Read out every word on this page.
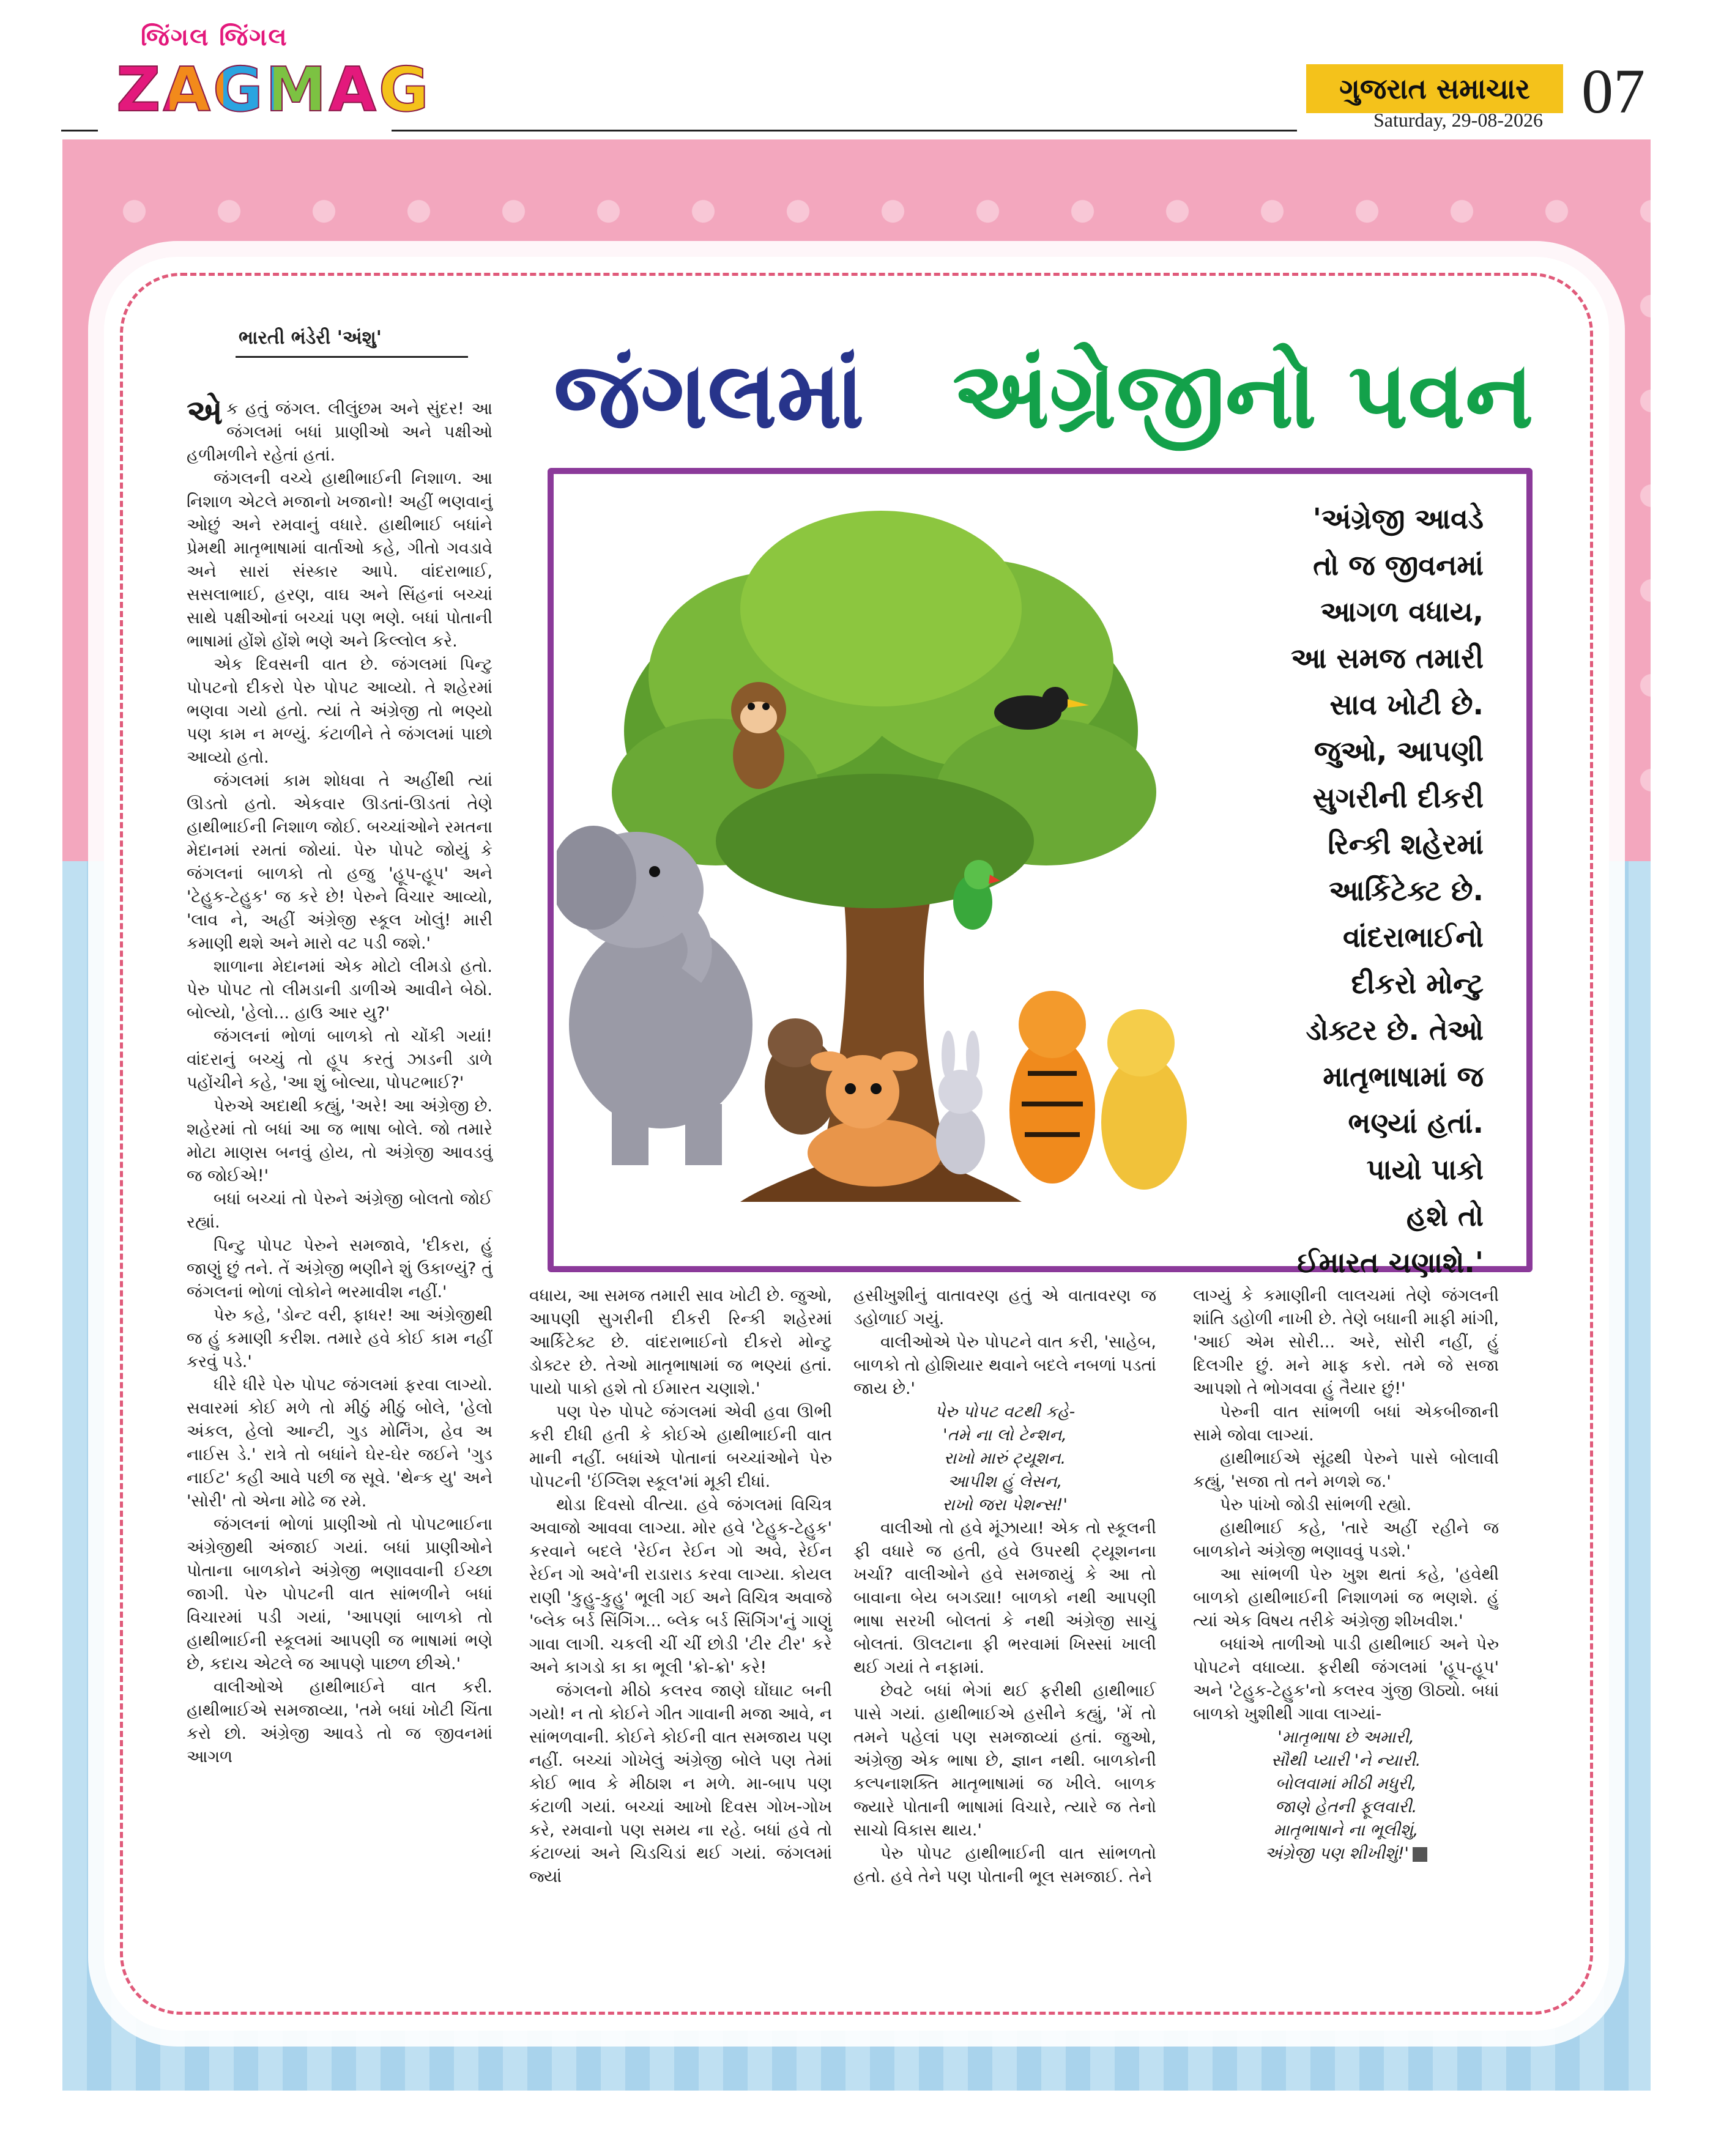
જિંગલ જિંગલ
ZAGMAG	ગુજરાત સમાચાર
Saturday, 29-08-2026 07
ભારતી ભંડેરી 'અંશુ'
જંગલમાં અંગ્રેજીનો પવન
'અંગ્રેજી આવડે
તો જ જીવનમાં
આગળ વધાય,
આ સમજ તમારી
સાવ ખોટી છે.
જુઓ, આપણી
સુગરીની દીકરી
રિન્કી શહેરમાં
આર્કિટેક્ટ છે.
વાંદરાભાઈનો
દીકરો મોન્ટુ
ડોક્ટર છે. તેઓ
માતૃભાષામાં જ
ભણ્યાં હતાં.
પાયો પાકો
હશે તો
ઈમારત ચણાશે.'

એક હતું જંગલ. લીલુંછમ અને સુંદર! આ જંગલમાં બધાં પ્રાણીઓ અને પક્ષીઓ હળીમળીને રહેતાં હતાં.

જંગલની વચ્ચે હાથીભાઈની નિશાળ. આ નિશાળ એટલે મજાનો ખજાનો! અહીં ભણવાનું ઓછું અને રમવાનું વધારે. હાથીભાઈ બધાંને પ્રેમથી માતૃભાષામાં વાર્તાઓ કહે, ગીતો ગવડાવે અને સારાં સંસ્કાર આપે. વાંદરાભાઈ, સસલાભાઈ, હરણ, વાઘ અને સિંહનાં બચ્ચાં સાથે પક્ષીઓનાં બચ્ચાં પણ ભણે. બધાં પોતાની ભાષામાં હોંશે હોંશે ભણે અને કિલ્લોલ કરે.

એક દિવસની વાત છે. જંગલમાં પિન્ટુ પોપટનો દીકરો પેરુ પોપટ આવ્યો. તે શહેરમાં ભણવા ગયો હતો. ત્યાં તે અંગ્રેજી તો ભણ્યો પણ કામ ન મળ્યું. કંટાળીને તે જંગલમાં પાછો આવ્યો હતો.

જંગલમાં કામ શોધવા તે અહીંથી ત્યાં ઊડતો હતો. એકવાર ઊડતાં-ઊડતાં તેણે હાથીભાઈની નિશાળ જોઈ. બચ્ચાંઓને રમતના મેદાનમાં રમતાં જોયાં. પેરુ પોપટે જોયું કે જંગલનાં બાળકો તો હજુ 'હૂપ-હૂપ' અને 'ટેહુક-ટેહુક' જ કરે છે! પેરુને વિચાર આવ્યો, 'લાવ ને, અહીં અંગ્રેજી સ્કૂલ ખોલું! મારી કમાણી થશે અને મારો વટ પડી જશે.'

શાળાના મેદાનમાં એક મોટો લીમડો હતો. પેરુ પોપટ તો લીમડાની ડાળીએ આવીને બેઠો. બોલ્યો, 'હેલો... હાઉ આર યુ?'

જંગલનાં ભોળાં બાળકો તો ચોંકી ગયાં! વાંદરાનું બચ્ચું તો હૂપ કરતું ઝાડની ડાળે પહોંચીને કહે, 'આ શું બોલ્યા, પોપટભાઈ?'

પેરુએ અદાથી કહ્યું, 'અરે! આ અંગ્રેજી છે. શહેરમાં તો બધાં આ જ ભાષા બોલે. જો તમારે મોટા માણસ બનવું હોય, તો અંગ્રેજી આવડવું જ જોઈએ!'

બધાં બચ્ચાં તો પેરુને અંગ્રેજી બોલતો જોઈ રહ્યાં.

પિન્ટુ પોપટ પેરુને સમજાવે, 'દીકરા, હું જાણું છું તને. તેં અંગ્રેજી ભણીને શું ઉકાળ્યું? તું જંગલનાં ભોળાં લોકોને ભરમાવીશ નહીં.'

પેરુ કહે, 'ડોન્ટ વરી, ફાધર! આ અંગ્રેજીથી જ હું કમાણી કરીશ. તમારે હવે કોઈ કામ નહીં કરવું પડે.'

ધીરે ધીરે પેરુ પોપટ જંગલમાં ફરવા લાગ્યો. સવારમાં કોઈ મળે તો મીઠું મીઠું બોલે, 'હેલો અંકલ, હેલો આન્ટી, ગુડ મોર્નિંગ, હેવ અ નાઈસ ડે.' રાત્રે તો બધાંને ઘેર-ઘેર જઈને 'ગુડ નાઈટ' કહી આવે પછી જ સૂવે. 'થેન્ક યુ' અને 'સોરી' તો એના મોઢે જ રમે.

જંગલનાં ભોળાં પ્રાણીઓ તો પોપટભાઈના અંગ્રેજીથી અંજાઈ ગયાં. બધાં પ્રાણીઓને પોતાના બાળકોને અંગ્રેજી ભણાવવાની ઈચ્છા જાગી. પેરુ પોપટની વાત સાંભળીને બધાં વિચારમાં પડી ગયાં, 'આપણાં બાળકો તો હાથીભાઈની સ્કૂલમાં આપણી જ ભાષામાં ભણે છે, કદાચ એટલે જ આપણે પાછળ છીએ.'

વાલીઓએ હાથીભાઈને વાત કરી. હાથીભાઈએ સમજાવ્યા, 'તમે બધાં ખોટી ચિંતા કરો છો. અંગ્રેજી આવડે તો જ જીવનમાં આગળ

વધાય, આ સમજ તમારી સાવ ખોટી છે. જુઓ, આપણી સુગરીની દીકરી રિન્કી શહેરમાં આર્કિટેક્ટ છે. વાંદરાભાઈનો દીકરો મોન્ટુ ડોક્ટર છે. તેઓ માતૃભાષામાં જ ભણ્યાં હતાં. પાયો પાકો હશે તો ઈમારત ચણાશે.'

પણ પેરુ પોપટે જંગલમાં એવી હવા ઊભી કરી દીધી હતી કે કોઈએ હાથીભાઈની વાત માની નહીં. બધાંએ પોતાનાં બચ્ચાંઓને પેરુ પોપટની 'ઈંગ્લિશ સ્કૂલ'માં મૂકી દીધાં.

થોડા દિવસો વીત્યા. હવે જંગલમાં વિચિત્ર અવાજો આવવા લાગ્યા. મોર હવે 'ટેહુક-ટેહુક' કરવાને બદલે 'રેઈન રેઈન ગો અવે, રેઈન રેઈન ગો અવે'ની રાડારાડ કરવા લાગ્યા. કોયલ રાણી 'કુહુ-કુહુ' ભૂલી ગઈ અને વિચિત્ર અવાજે 'બ્લેક બર્ડ સિંગિંગ... બ્લેક બર્ડ સિંગિંગ'નું ગાણું ગાવા લાગી. ચકલી ચીં ચીં છોડી 'ટીર ટીર' કરે અને કાગડો કા કા ભૂલી 'ક્રો-ક્રો' કરે!

જંગલનો મીઠો કલરવ જાણે ઘોંઘાટ બની ગયો! ન તો કોઈને ગીત ગાવાની મજા આવે, ન સાંભળવાની. કોઈને કોઈની વાત સમજાય પણ નહીં. બચ્ચાં ગોખેલું અંગ્રેજી બોલે પણ તેમાં કોઈ ભાવ કે મીઠાશ ન મળે. મા-બાપ પણ કંટાળી ગયાં. બચ્ચાં આખો દિવસ ગોખ-ગોખ કરે, રમવાનો પણ સમય ના રહે. બધાં હવે તો કંટાળ્યાં અને ચિડચિડાં થઈ ગયાં. જંગલમાં જ્યાં

હસીખુશીનું વાતાવરણ હતું એ વાતાવરણ જ ડહોળાઈ ગયું.

વાલીઓએ પેરુ પોપટને વાત કરી, 'સાહેબ, બાળકો તો હોશિયાર થવાને બદલે નબળાં પડતાં જાય છે.'

પેરુ પોપટ વટથી કહે-

'તમે ના લો ટેન્શન,

રાખો મારું ટ્યૂશન.

આપીશ હું લેસન,

રાખો જરા પેશન્સ!'

વાલીઓ તો હવે મૂંઝાયા! એક તો સ્કૂલની ફી વધારે જ હતી, હવે ઉપરથી ટ્યૂશનના ખર્ચા? વાલીઓને હવે સમજાયું કે આ તો બાવાના બેય બગડ્યા! બાળકો નથી આપણી ભાષા સરખી બોલતાં કે નથી અંગ્રેજી સાચું બોલતાં. ઊલટાના ફી ભરવામાં ખિસ્સાં ખાલી થઈ ગયાં તે નફામાં.

છેવટે બધાં ભેગાં થઈ ફરીથી હાથીભાઈ પાસે ગયાં. હાથીભાઈએ હસીને કહ્યું, 'મેં તો તમને પહેલાં પણ સમજાવ્યાં હતાં. જુઓ, અંગ્રેજી એક ભાષા છે, જ્ઞાન નથી. બાળકોની કલ્પનાશક્તિ માતૃભાષામાં જ ખીલે. બાળક જ્યારે પોતાની ભાષામાં વિચારે, ત્યારે જ તેનો સાચો વિકાસ થાય.'

પેરુ પોપટ હાથીભાઈની વાત સાંભળતો હતો. હવે તેને પણ પોતાની ભૂલ સમજાઈ. તેને

લાગ્યું કે કમાણીની લાલચમાં તેણે જંગલની શાંતિ ડહોળી નાખી છે. તેણે બધાની માફી માંગી, 'આઈ એમ સોરી... અરે, સોરી નહીં, હું દિલગીર છું. મને માફ કરો. તમે જે સજા આપશો તે ભોગવવા હું તૈયાર છું!'

પેરુની વાત સાંભળી બધાં એકબીજાની સામે જોવા લાગ્યાં.

હાથીભાઈએ સૂંઢથી પેરુને પાસે બોલાવી કહ્યું, 'સજા તો તને મળશે જ.'

પેરુ પાંખો જોડી સાંભળી રહ્યો.

હાથીભાઈ કહે, 'તારે અહીં રહીને જ બાળકોને અંગ્રેજી ભણાવવું પડશે.'

આ સાંભળી પેરુ ખુશ થતાં કહે, 'હવેથી બાળકો હાથીભાઈની નિશાળમાં જ ભણશે. હું ત્યાં એક વિષય તરીકે અંગ્રેજી શીખવીશ.'

બધાંએ તાળીઓ પાડી હાથીભાઈ અને પેરુ પોપટને વધાવ્યા. ફરીથી જંગલમાં 'હૂપ-હૂપ' અને 'ટેહુક-ટેહુક'નો કલરવ ગુંજી ઊઠ્યો. બધાં બાળકો ખુશીથી ગાવા લાગ્યાં-

'માતૃભાષા છે અમારી,

સૌથી પ્યારી 'ને ન્યારી.

બોલવામાં મીઠી મધુરી,

જાણે હેતની ફૂલવારી.

માતૃભાષાને ના ભૂલીશું,

અંગ્રેજી પણ શીખીશું!'
